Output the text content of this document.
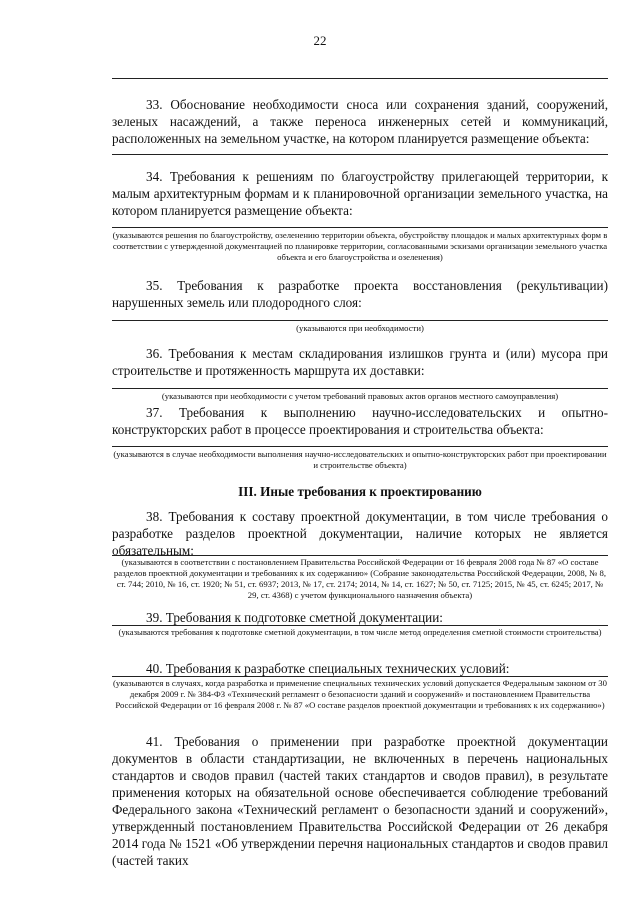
22
33. Обоснование необходимости сноса или сохранения зданий, сооружений, зеленых насаждений, а также переноса инженерных сетей и коммуникаций, расположенных на земельном участке, на котором планируется размещение объекта:
34. Требования к решениям по благоустройству прилегающей территории, к малым архитектурным формам и к планировочной организации земельного участка, на котором планируется размещение объекта:
(указываются решения по благоустройству, озеленению территории объекта, обустройству площадок и малых архитектурных форм в соответствии с утвержденной документацией по планировке территории, согласованными эскизами организации земельного участка объекта и его благоустройства и озеленения)
35. Требования к разработке проекта восстановления (рекультивации) нарушенных земель или плодородного слоя:
(указываются при необходимости)
36. Требования к местам складирования излишков грунта и (или) мусора при строительстве и протяженность маршрута их доставки:
(указываются при необходимости с учетом требований правовых актов органов местного самоуправления)
37. Требования к выполнению научно-исследовательских и опытно-конструкторских работ в процессе проектирования и строительства объекта:
(указываются в случае необходимости выполнения научно-исследовательских и опытно-конструкторских работ при проектировании и строительстве объекта)
III. Иные требования к проектированию
38. Требования к составу проектной документации, в том числе требования о разработке разделов проектной документации, наличие которых не является обязательным:
(указываются в соответствии с постановлением Правительства Российской Федерации от 16 февраля 2008 года № 87 «О составе разделов проектной документации и требованиях к их содержанию» (Собрание законодательства Российской Федерации, 2008, № 8, ст. 744; 2010, № 16, ст. 1920; № 51, ст. 6937; 2013, № 17, ст. 2174; 2014, № 14, ст. 1627; № 50, ст. 7125; 2015, № 45, ст. 6245; 2017, № 29, ст. 4368) с учетом функционального назначения объекта)
39. Требования к подготовке сметной документации:
(указываются требования к подготовке сметной документации, в том числе метод определения сметной стоимости строительства)
40. Требования к разработке специальных технических условий:
(указываются в случаях, когда разработка и применение специальных технических условий допускается Федеральным законом от 30 декабря 2009 г. № 384-ФЗ «Технический регламент о безопасности зданий и сооружений» и постановлением Правительства Российской Федерации от 16 февраля 2008 г. № 87 «О составе разделов проектной документации и требованиях к их содержанию»)
41. Требования о применении при разработке проектной документации документов в области стандартизации, не включенных в перечень национальных стандартов и сводов правил (частей таких стандартов и сводов правил), в результате применения которых на обязательной основе обеспечивается соблюдение требований Федерального закона «Технический регламент о безопасности зданий и сооружений», утвержденный постановлением Правительства Российской Федерации от 26 декабря 2014 года № 1521 «Об утверждении перечня национальных стандартов и сводов правил (частей таких
